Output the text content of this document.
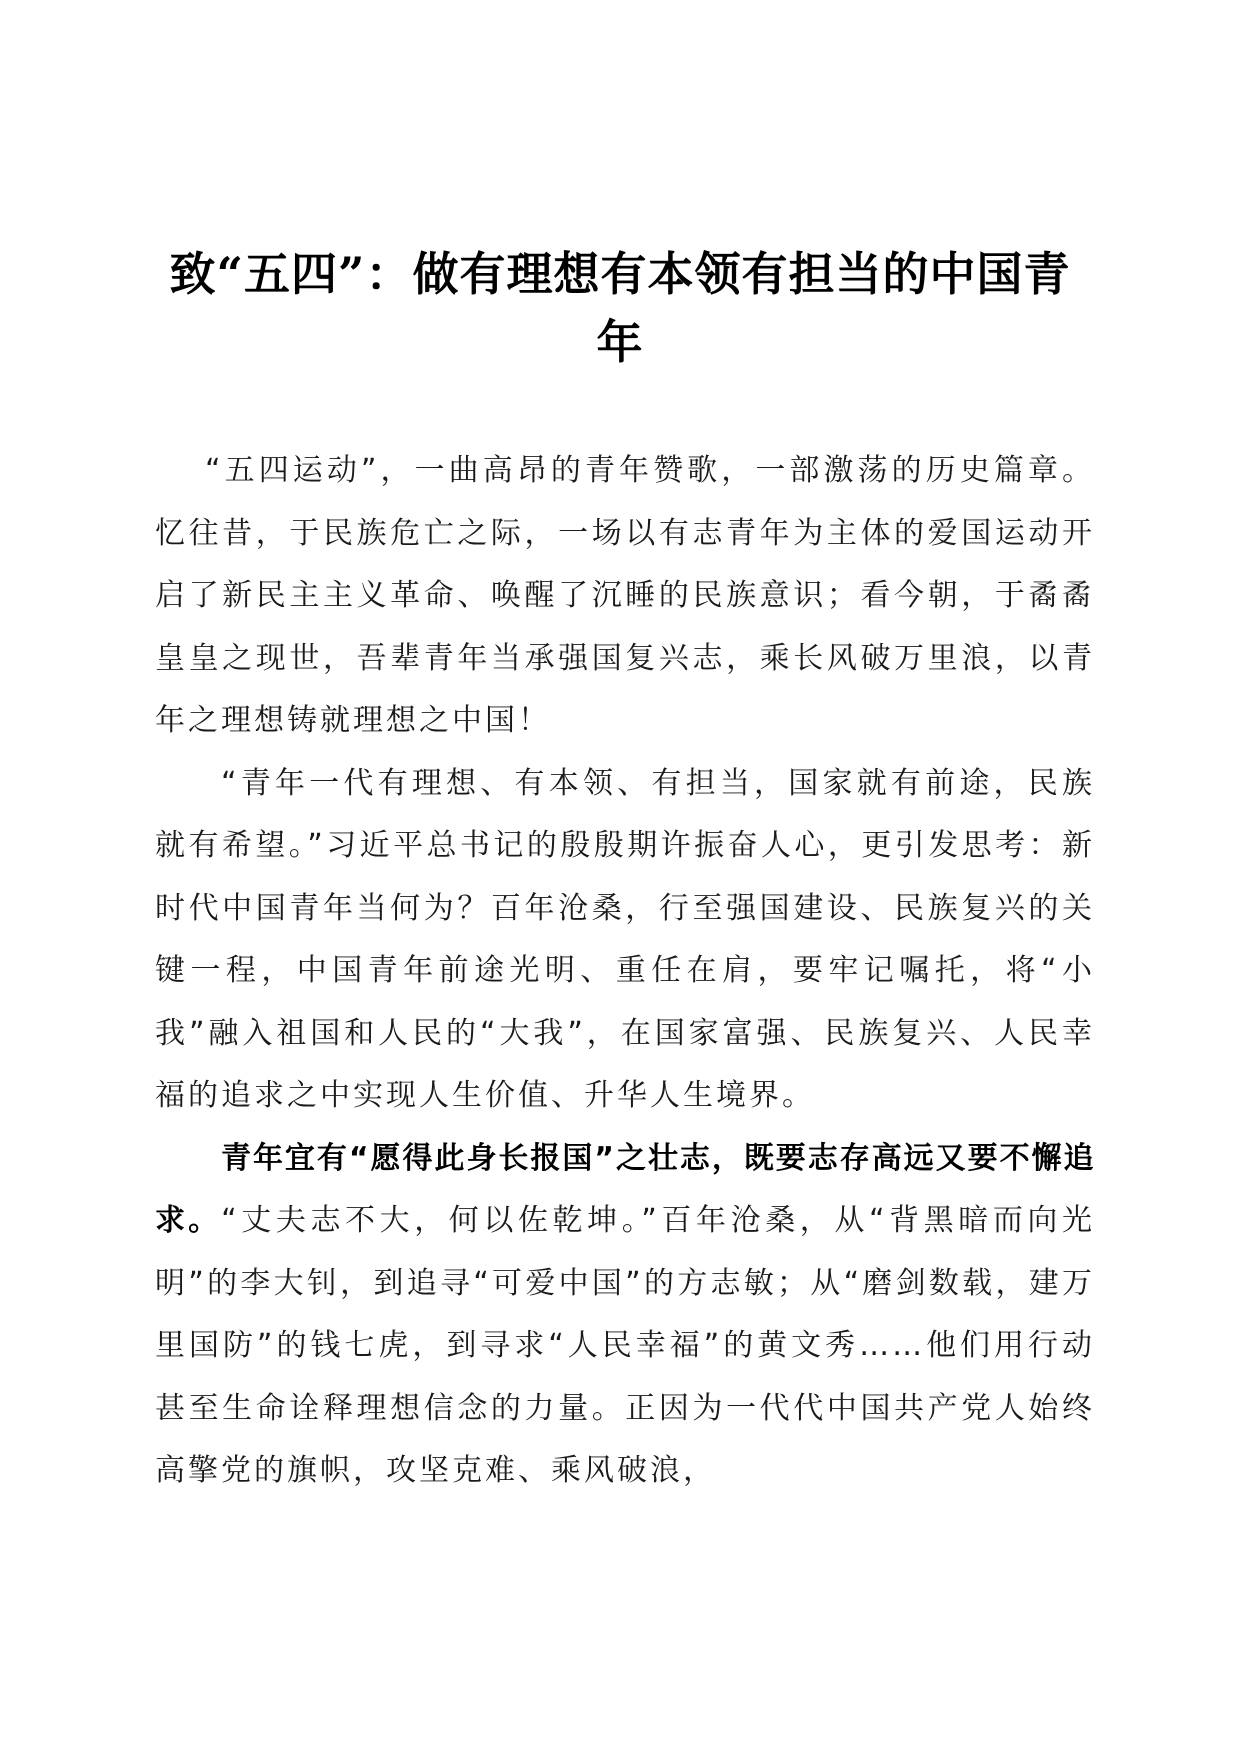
致“五四”：做有理想有本领有担当的中国青年

“五四运动”，一曲高昂的青年赞歌，一部激荡的历史篇章。忆往昔，于民族危亡之际，一场以有志青年为主体的爱国运动开启了新民主主义革命、唤醒了沉睡的民族意识；看今朝，于矞矞皇皇之现世，吾辈青年当承强国复兴志，乘长风破万里浪，以青年之理想铸就理想之中国！

“青年一代有理想、有本领、有担当，国家就有前途，民族就有希望。”习近平总书记的殷殷期许振奋人心，更引发思考：新时代中国青年当何为？百年沧桑，行至强国建设、民族复兴的关键一程，中国青年前途光明、重任在肩，要牢记嘱托，将“小我”融入祖国和人民的“大我”，在国家富强、民族复兴、人民幸福的追求之中实现人生价值、升华人生境界。

青年宜有“愿得此身长报国”之壮志，既要志存高远又要不懈追求。“丈夫志不大，何以佐乾坤。”百年沧桑，从“背黑暗而向光明”的李大钊，到追寻“可爱中国”的方志敏；从“磨剑数载，建万里国防”的钱七虎，到寻求“人民幸福”的黄文秀……他们用行动甚至生命诠释理想信念的力量。正因为一代代中国共产党人始终高擎党的旗帜，攻坚克难、乘风破浪，
